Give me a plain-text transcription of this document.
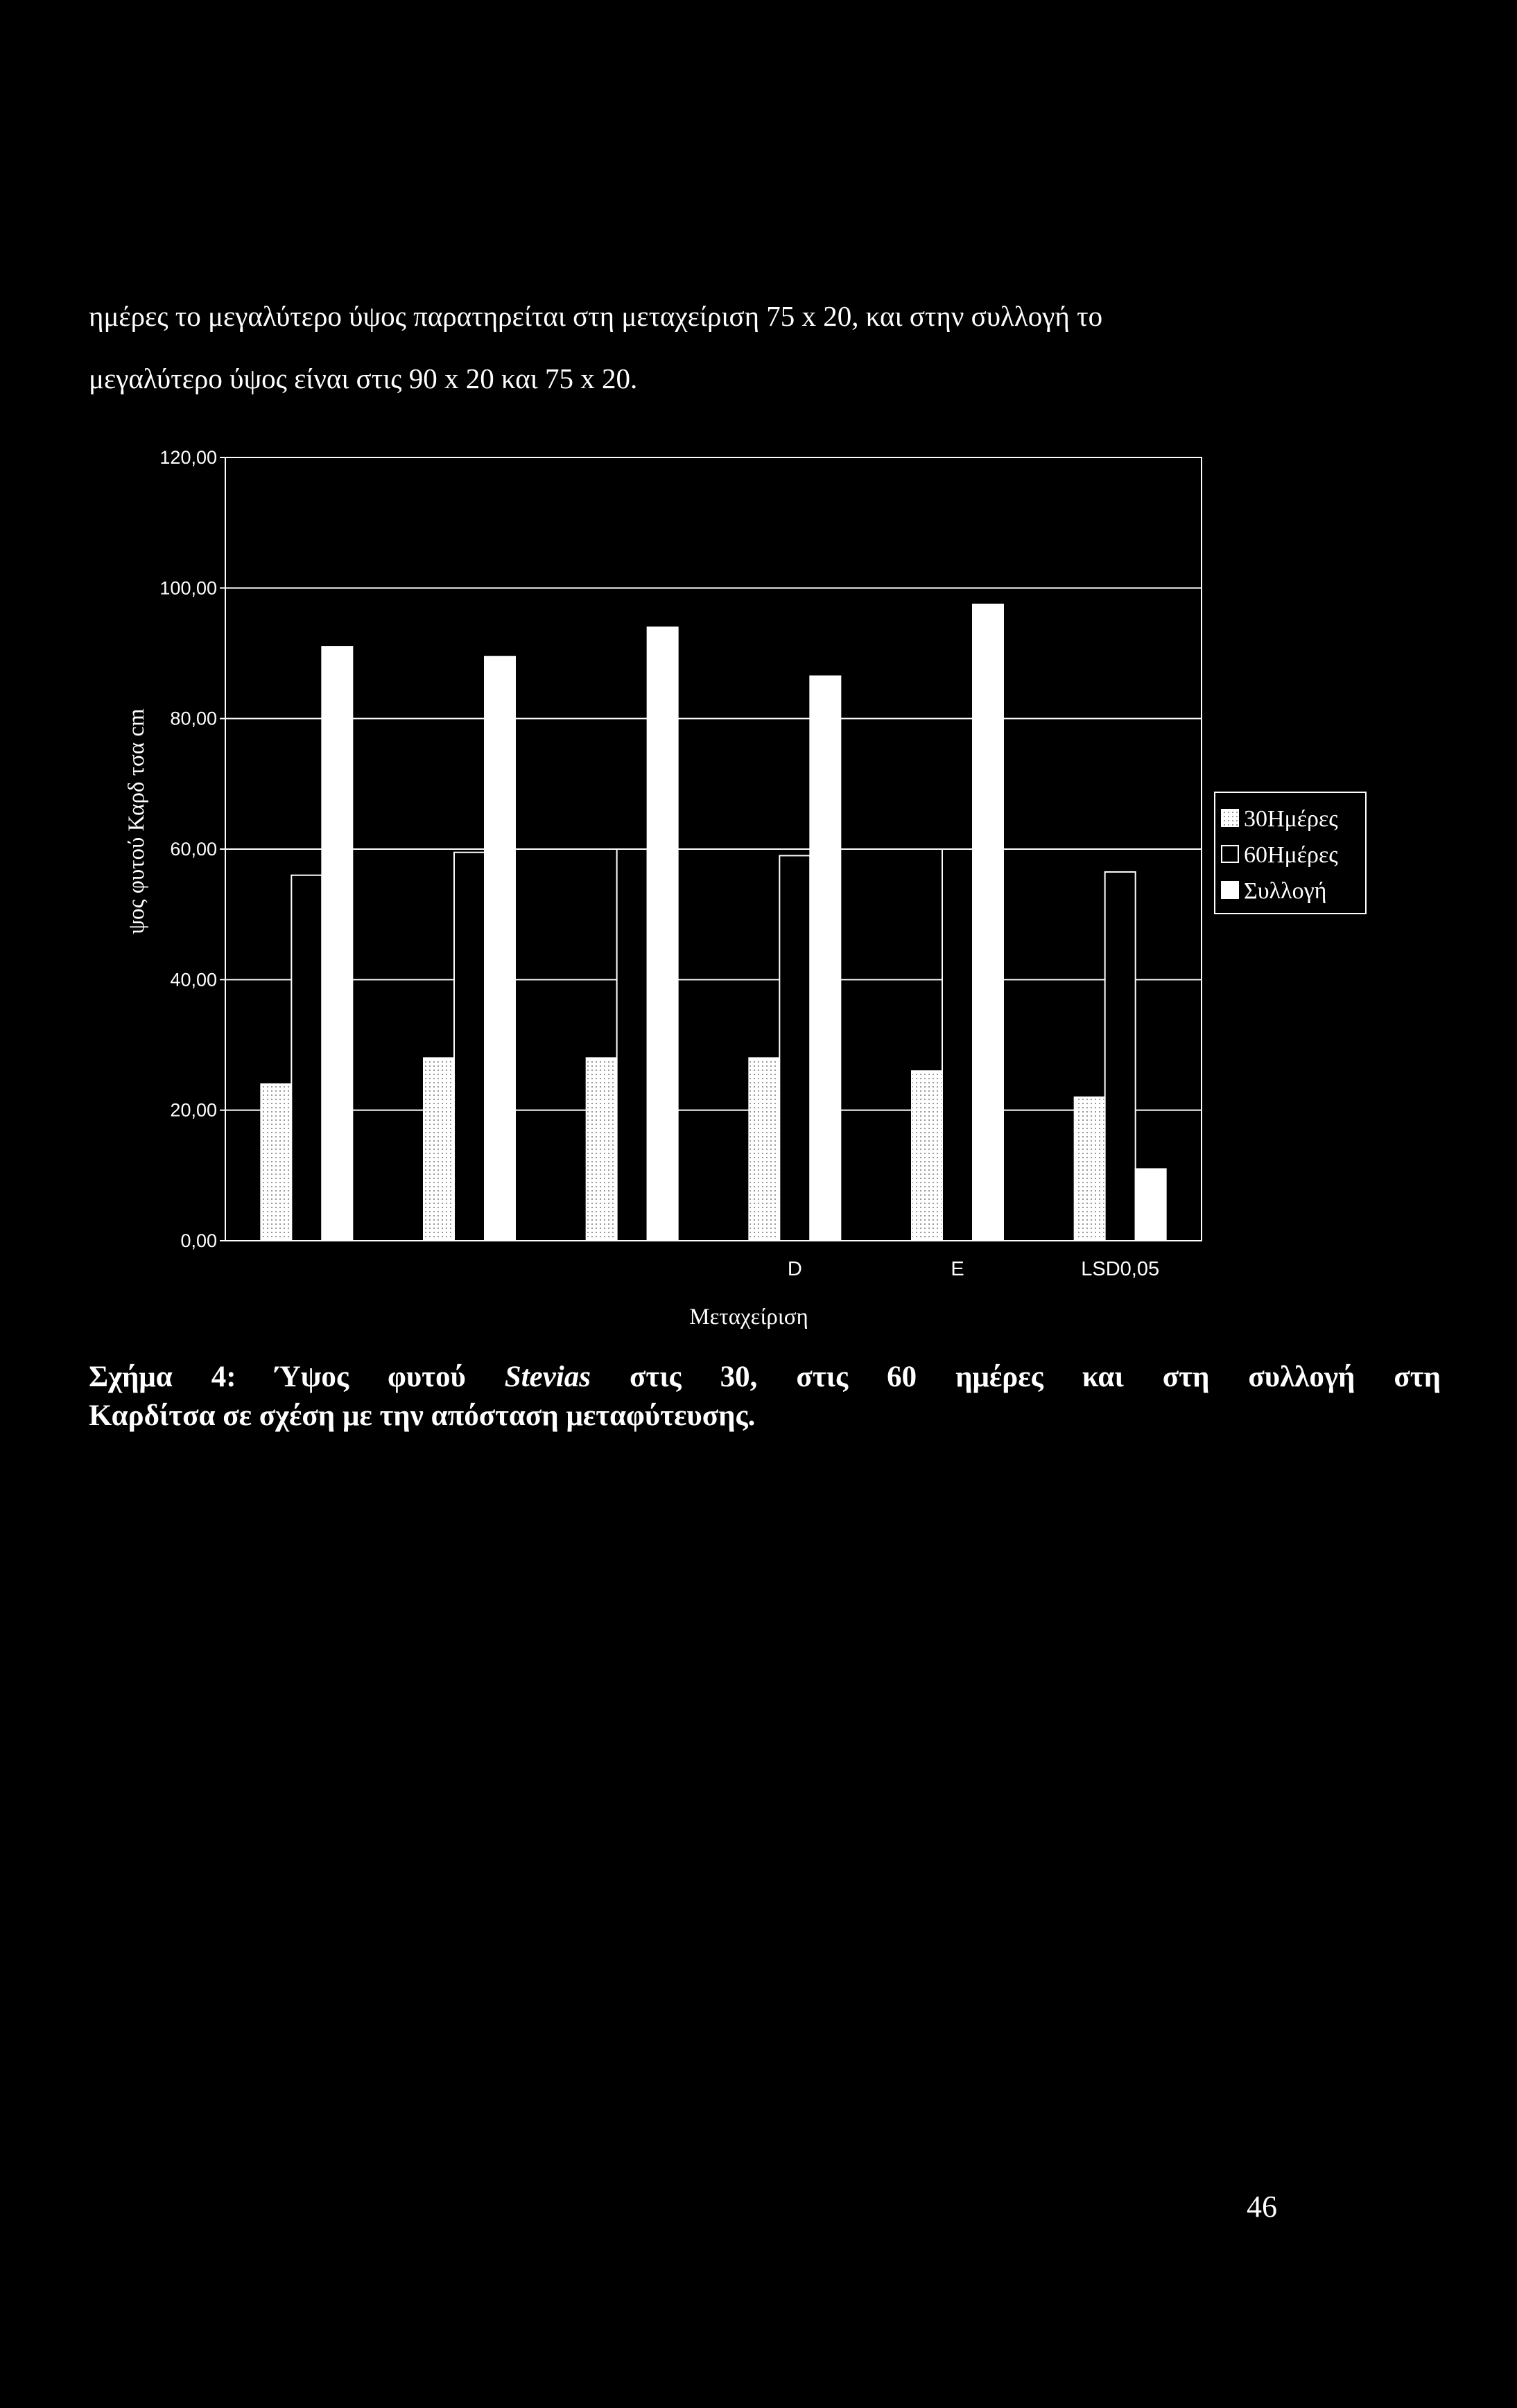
ημέρες το μεγαλύτερο ύψος παρατηρείται στη μεταχείριση 75 x 20, και στην συλλογή το
μεγαλύτερο ύψος είναι στις 90 x 20 και 75 x 20.
0,00
20,00
40,00
60,00
80,00
100,00
120,00
D	E	LSD0,05
ψος φυτού Καρδ τσα cm
Μεταχείριση
30Ημέρες
60Ημέρες
Συλλογή
Σχήμα 4: Ύψος φυτού Stevias στις 30, στις 60 ημέρες και στη συλλογή στη
Καρδίτσα σε σχέση με την απόσταση μεταφύτευσης.
46
